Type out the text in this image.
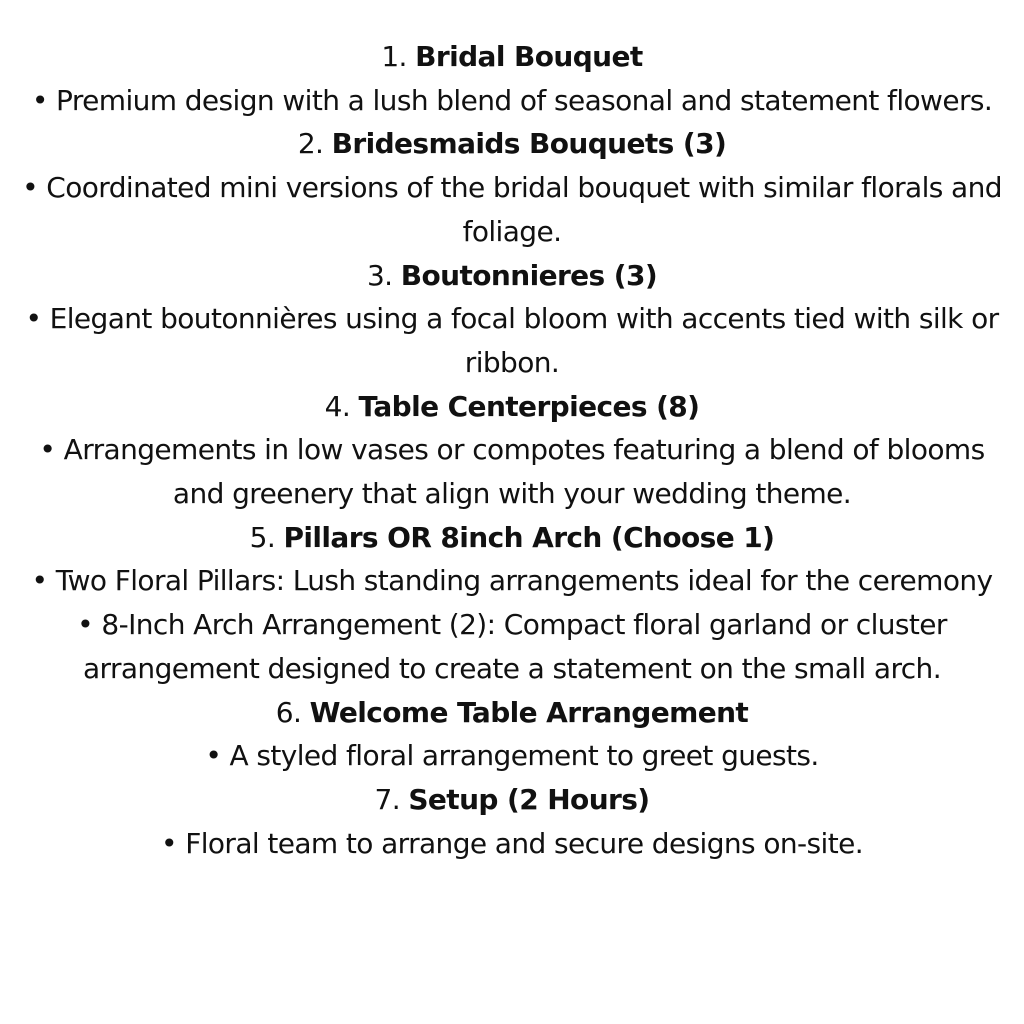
1. Bridal Bouquet
• Premium design with a lush blend of seasonal and statement flowers.
2. Bridesmaids Bouquets (3)
• Coordinated mini versions of the bridal bouquet with similar florals and foliage.
3. Boutonnieres (3)
• Elegant boutonnières using a focal bloom with accents tied with silk or ribbon.
4. Table Centerpieces (8)
• Arrangements in low vases or compotes featuring a blend of blooms and greenery that align with your wedding theme.
5. Pillars OR 8inch Arch (Choose 1)
• Two Floral Pillars: Lush standing arrangements ideal for the ceremony
• 8-Inch Arch Arrangement (2): Compact floral garland or cluster arrangement designed to create a statement on the small arch.
6. Welcome Table Arrangement
• A styled floral arrangement to greet guests.
7. Setup (2 Hours)
• Floral team to arrange and secure designs on-site.
